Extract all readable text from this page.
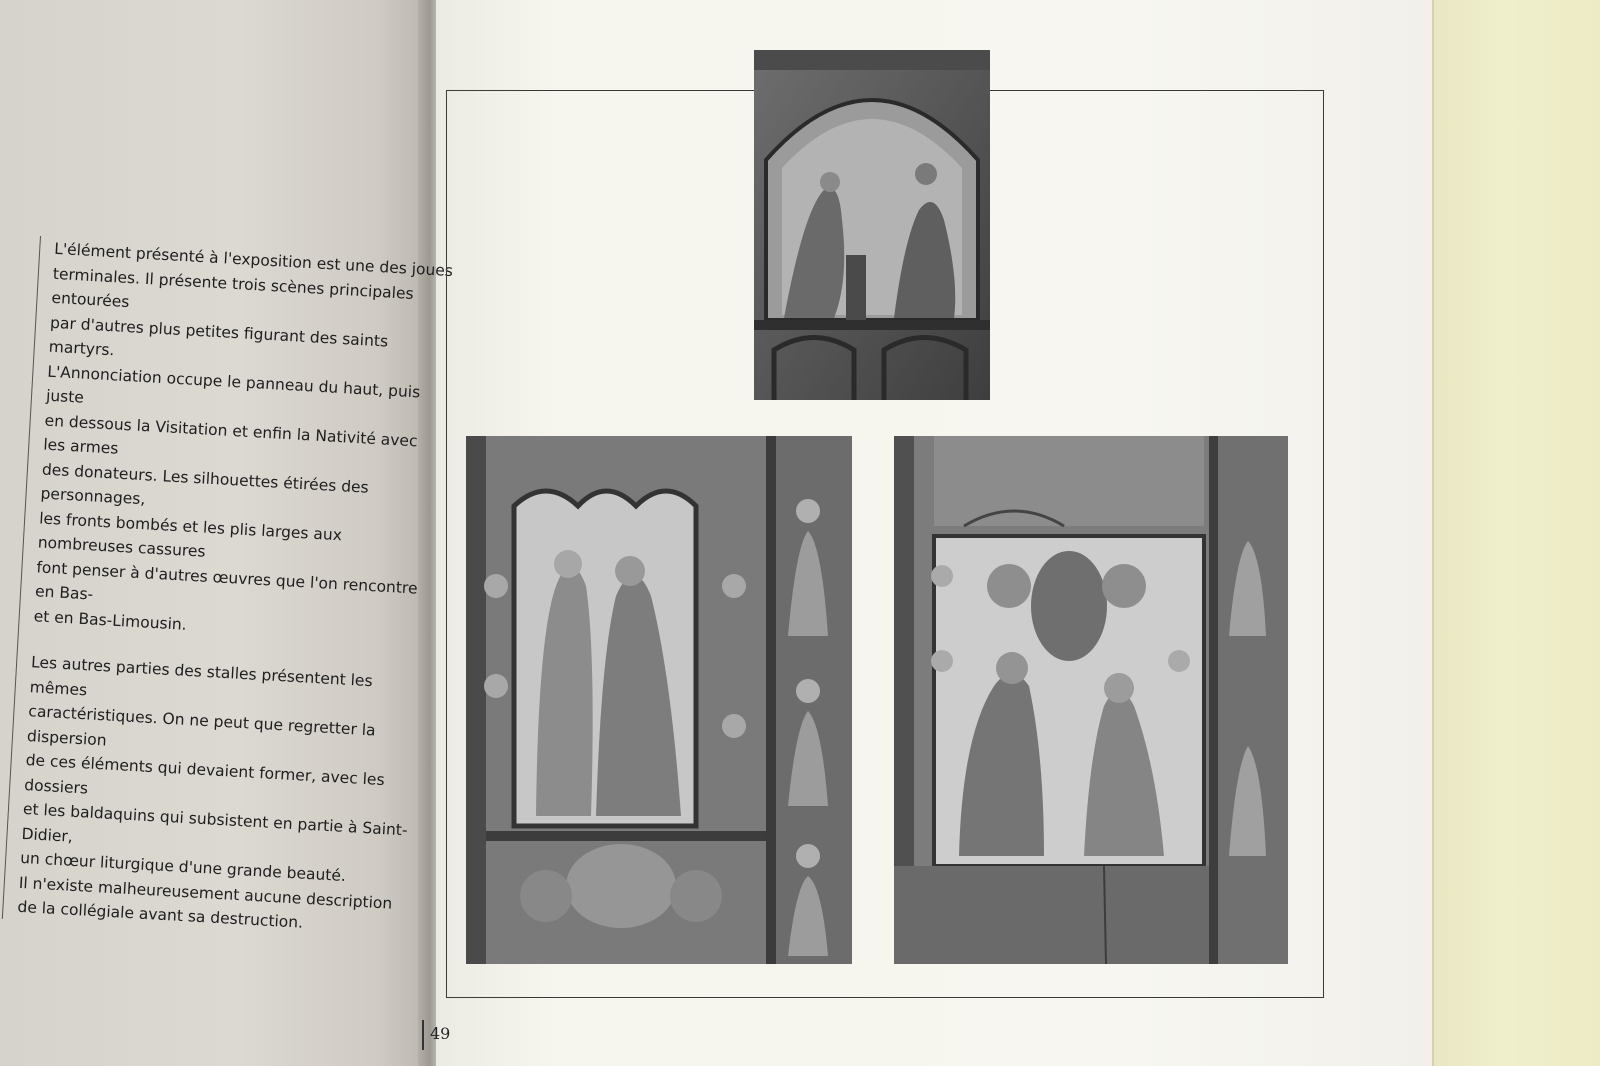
L'élément présenté à l'exposition est une des joues
terminales. Il présente trois scènes principales entourées
par d'autres plus petites figurant des saints martyrs.
L'Annonciation occupe le panneau du haut, puis juste
en dessous la Visitation et enfin la Nativité avec les armes
des donateurs. Les silhouettes étirées des personnages,
les fronts bombés et les plis larges aux nombreuses cassures
font penser à d'autres œuvres que l'on rencontre en Bas-
et en Bas-Limousin.

Les autres parties des stalles présentent les mêmes
caractéristiques. On ne peut que regretter la dispersion
de ces éléments qui devaient former, avec les dossiers
et les baldaquins qui subsistent en partie à Saint-Didier,
un chœur liturgique d'une grande beauté.
Il n'existe malheureusement aucune description
de la collégiale avant sa destruction.

49
